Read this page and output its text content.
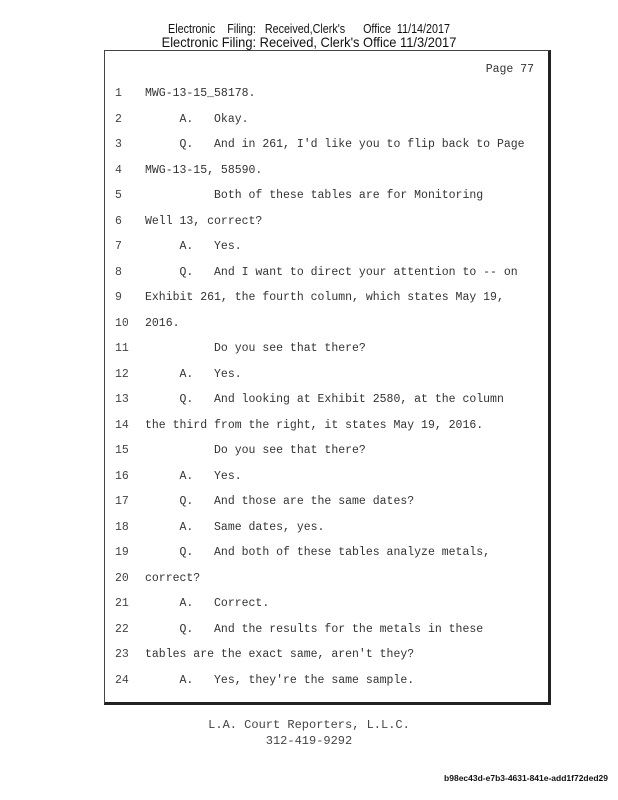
Electronic    Filing:   Received,Clerk's      Office  11/14/2017
Electronic Filing: Received, Clerk's Office 11/3/2017
Page 77
1	MWG-13-15_58178.
2	A.   Okay.
3	Q.   And in 261, I'd like you to flip back to Page
4	MWG-13-15, 58590.
5	Both of these tables are for Monitoring
6	Well 13, correct?
7	A.   Yes.
8	Q.   And I want to direct your attention to -- on
9	Exhibit 261, the fourth column, which states May 19,
10	2016.
11	Do you see that there?
12	A.   Yes.
13	Q.   And looking at Exhibit 2580, at the column
14	the third from the right, it states May 19, 2016.
15	Do you see that there?
16	A.   Yes.
17	Q.   And those are the same dates?
18	A.   Same dates, yes.
19	Q.   And both of these tables analyze metals,
20	correct?
21	A.   Correct.
22	Q.   And the results for the metals in these
23	tables are the exact same, aren't they?
24	A.   Yes, they're the same sample.
L.A. Court Reporters, L.L.C.
312-419-9292
b98ec43d-e7b3-4631-841e-add1f72ded29
